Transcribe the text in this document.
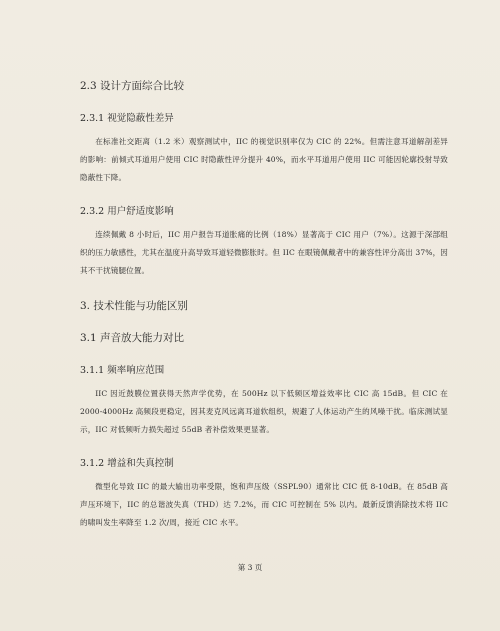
2.3 设计方面综合比较
2.3.1 视觉隐蔽性差异

在标准社交距离（1.2 米）观察测试中，IIC 的视觉识别率仅为 CIC 的 22%。但需注意耳道解剖差异的影响：前倾式耳道用户使用 CIC 时隐蔽性评分提升 40%，而水平耳道用户使用 IIC 可能因轮廓投射导致隐蔽性下降。

2.3.2 用户舒适度影响

连续佩戴 8 小时后，IIC 用户报告耳道胀痛的比例（18%）显著高于 CIC 用户（7%）。这源于深部组织的压力敏感性，尤其在温度升高导致耳道轻微膨胀时。但 IIC 在眼镜佩戴者中的兼容性评分高出 37%，因其不干扰镜腿位置。

3. 技术性能与功能区别
3.1 声音放大能力对比
3.1.1 频率响应范围

IIC 因近鼓膜位置获得天然声学优势，在 500Hz 以下低频区增益效率比 CIC 高 15dB。但 CIC 在 2000-4000Hz 高频段更稳定，因其麦克风远离耳道软组织，规避了人体运动产生的风噪干扰。临床测试显示，IIC 对低频听力损失超过 55dB 者补偿效果更显著。

3.1.2 增益和失真控制

微型化导致 IIC 的最大输出功率受限，饱和声压级（SSPL90）通常比 CIC 低 8-10dB。在 85dB 高声压环境下，IIC 的总谐波失真（THD）达 7.2%，而 CIC 可控制在 5% 以内。最新反馈消除技术将 IIC 的啸叫发生率降至 1.2 次/周，接近 CIC 水平。

第 3 页
